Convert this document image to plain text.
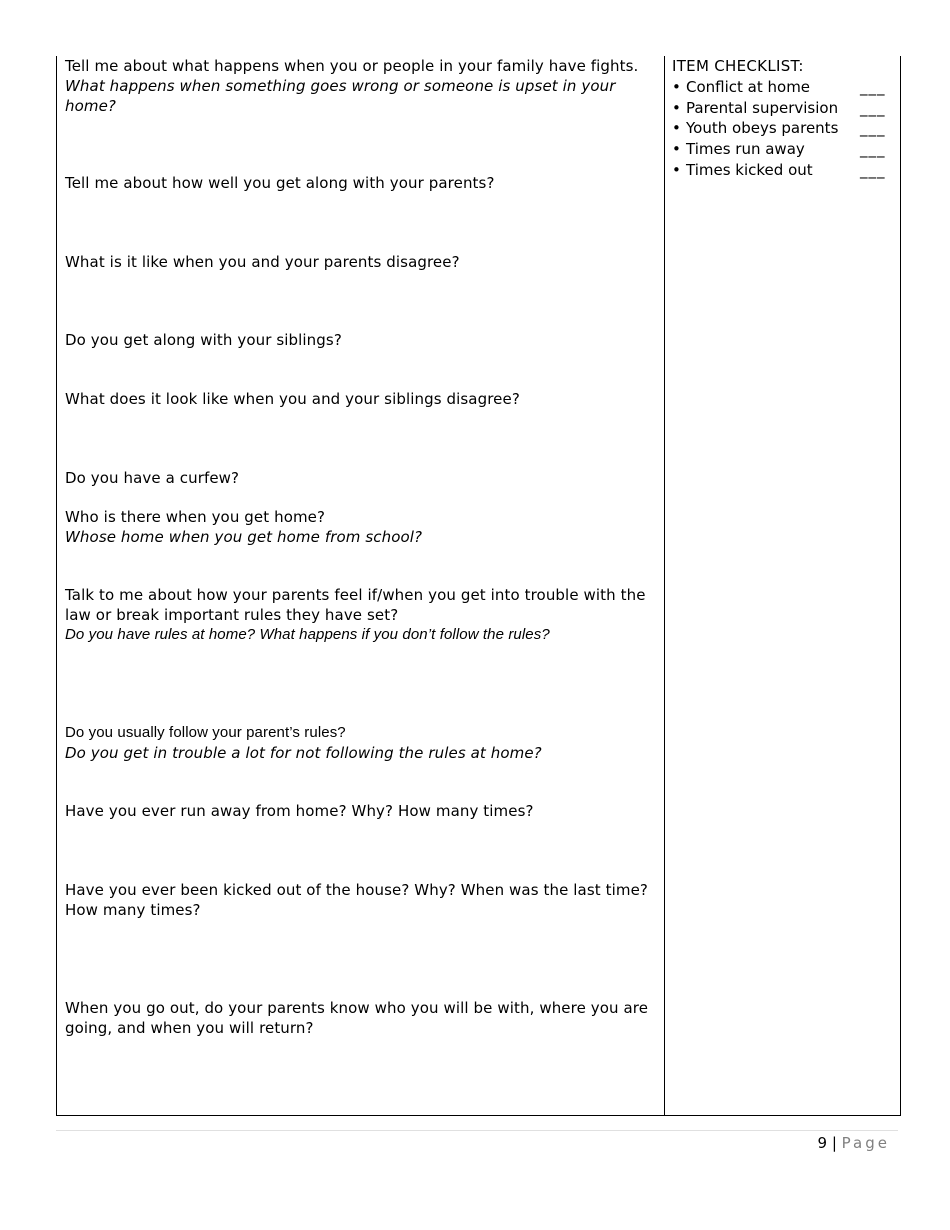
Tell me about what happens when you or people in your family have fights.
What happens when something goes wrong or someone is upset in your home?
Tell me about how well you get along with your parents?
What is it like when you and your parents disagree?
Do you get along with your siblings?
What does it look like when you and your siblings disagree?
Do you have a curfew?
Who is there when you get home?
Whose home when you get home from school?
Talk to me about how your parents feel if/when you get into trouble with the law or break important rules they have set?
Do you have rules at home? What happens if you don’t follow the rules?
Do you usually follow your parent’s rules?
Do you get in trouble a lot for not following the rules at home?
Have you ever run away from home? Why? How many times?
Have you ever been kicked out of the house? Why? When was the last time? How many times?
When you go out, do your parents know who you will be with, where you are going, and when you will return?
ITEM CHECKLIST:
• Conflict at home	___
• Parental supervision ___
• Youth obeys parents ___
• Times run away	___
• Times kicked out	___
9 | Page
